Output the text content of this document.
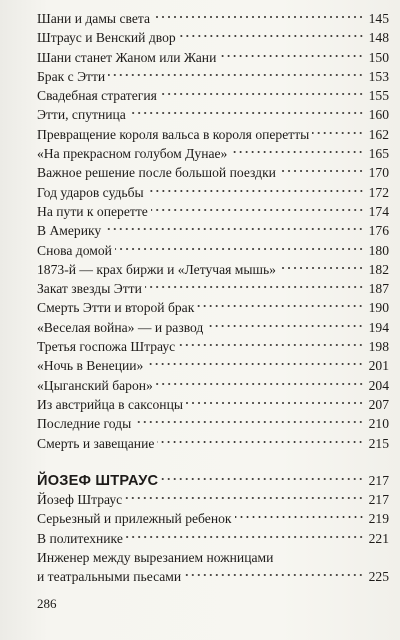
Шани и дамы света	145
Штраус и Венский двор	148
Шани станет Жаном или Жани	150
Брак с Этти	153
Свадебная стратегия	155
Этти, спутница	160
Превращение короля вальса в короля оперетты	162
«На прекрасном голубом Дунае»	165
Важное решение после большой поездки	170
Год ударов судьбы	172
На пути к оперетте	174
В Америку	176
Снова домой	180
1873-й — крах биржи и «Летучая мышь»	182
Закат звезды Этти	187
Смерть Этти и второй брак	190
«Веселая война» — и развод	194
Третья госпожа Штраус	198
«Ночь в Венеции»	201
«Цыганский барон»	204
Из австрийца в саксонцы	207
Последние годы	210
Смерть и завещание	215
ЙОЗЕФ ШТРАУС	217
Йозеф Штраус	217
Серьезный и прилежный ребенок	219
В политехнике	221
Инженер между вырезанием ножницами
и театральными пьесами	225
286
